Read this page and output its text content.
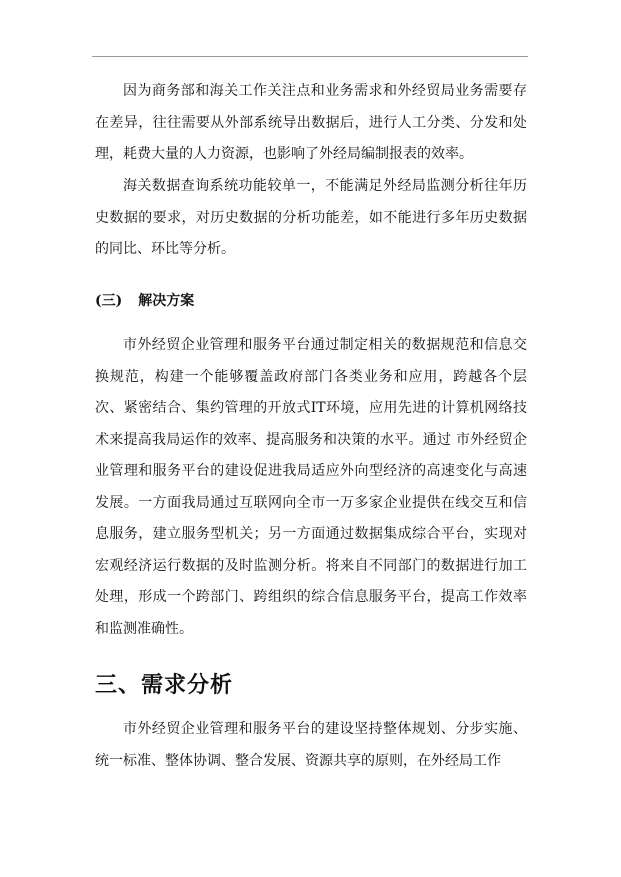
因为商务部和海关工作关注点和业务需求和外经贸局业务需要存在差异，往往需要从外部系统导出数据后，进行人工分类、分发和处理，耗费大量的人力资源，也影响了外经局编制报表的效率。

海关数据查询系统功能较单一，不能满足外经局监测分析往年历史数据的要求，对历史数据的分析功能差，如不能进行多年历史数据的同比、环比等分析。

(三) 解决方案

市外经贸企业管理和服务平台通过制定相关的数据规范和信息交换规范，构建一个能够覆盖政府部门各类业务和应用，跨越各个层次、紧密结合、集约管理的开放式IT环境，应用先进的计算机网络技术来提高我局运作的效率、提高服务和决策的水平。通过 市外经贸企业管理和服务平台的建设促进我局适应外向型经济的高速变化与高速发展。一方面我局通过互联网向全市一万多家企业提供在线交互和信息服务，建立服务型机关；另一方面通过数据集成综合平台，实现对宏观经济运行数据的及时监测分析。将来自不同部门的数据进行加工处理，形成一个跨部门、跨组织的综合信息服务平台，提高工作效率和监测准确性。

三、需求分析

市外经贸企业管理和服务平台的建设坚持整体规划、分步实施、统一标准、整体协调、整合发展、资源共享的原则，在外经局工作
